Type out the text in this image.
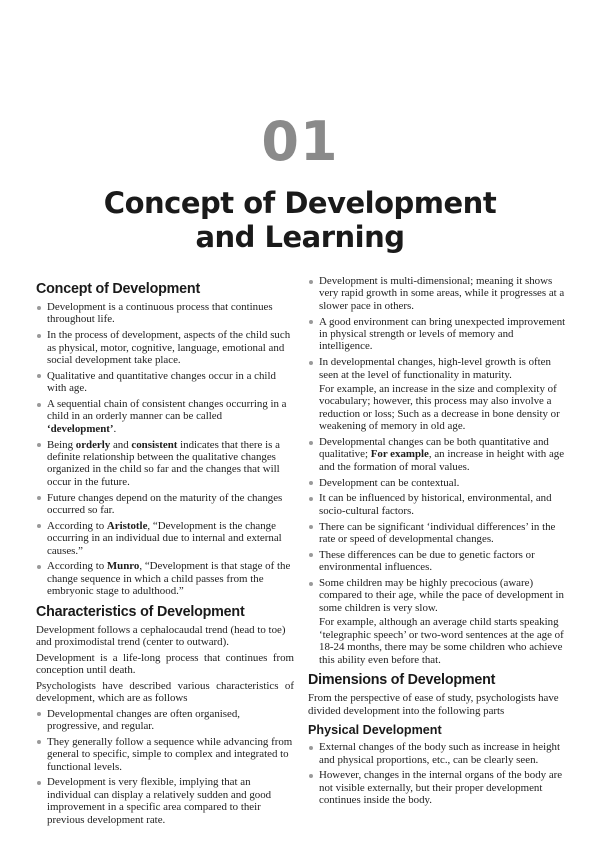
01
Concept of Development
and Learning
Concept of Development
Development is a continuous process that continues throughout life.
In the process of development, aspects of the child such as physical, motor, cognitive, language, emotional and social development take place.
Qualitative and quantitative changes occur in a child with age.
A sequential chain of consistent changes occurring in a child in an orderly manner can be called ‘development’.
Being orderly and consistent indicates that there is a definite relationship between the qualitative changes organized in the child so far and the changes that will occur in the future.
Future changes depend on the maturity of the changes occurred so far.
According to Aristotle, “Development is the change occurring in an individual due to internal and external causes.”
According to Munro, “Development is that stage of the change sequence in which a child passes from the embryonic stage to adulthood.”
Characteristics of Development

Development follows a cephalocaudal trend (head to toe) and proximodistal trend (center to outward).

Development is a life-long process that continues from conception until death.

Psychologists have described various characteristics of development, which are as follows

Developmental changes are often organised, progressive, and regular.
They generally follow a sequence while advancing from general to specific, simple to complex and integrated to functional levels.
Development is very flexible, implying that an individual can display a relatively sudden and good improvement in a specific area compared to their previous development rate.
Development is multi-dimensional; meaning it shows very rapid growth in some areas, while it progresses at a slower pace in others.
A good environment can bring unexpected improvement in physical strength or levels of memory and intelligence.
In developmental changes, high-level growth is often seen at the level of functionality in maturity.
For example, an increase in the size and complexity of vocabulary; however, this process may also involve a reduction or loss; Such as a decrease in bone density or weakening of memory in old age.
Developmental changes can be both quantitative and qualitative; For example, an increase in height with age and the formation of moral values.
Development can be contextual.
It can be influenced by historical, environmental, and socio-cultural factors.
There can be significant ‘individual differences’ in the rate or speed of developmental changes.
These differences can be due to genetic factors or environmental influences.
Some children may be highly precocious (aware) compared to their age, while the pace of development in some children is very slow.
For example, although an average child starts speaking ‘telegraphic speech’ or two-word sentences at the age of 18-24 months, there may be some children who achieve this ability even before that.
Dimensions of Development

From the perspective of ease of study, psychologists have divided development into the following parts

Physical Development
External changes of the body such as increase in height and physical proportions, etc., can be clearly seen.
However, changes in the internal organs of the body are not visible externally, but their proper development continues inside the body.
